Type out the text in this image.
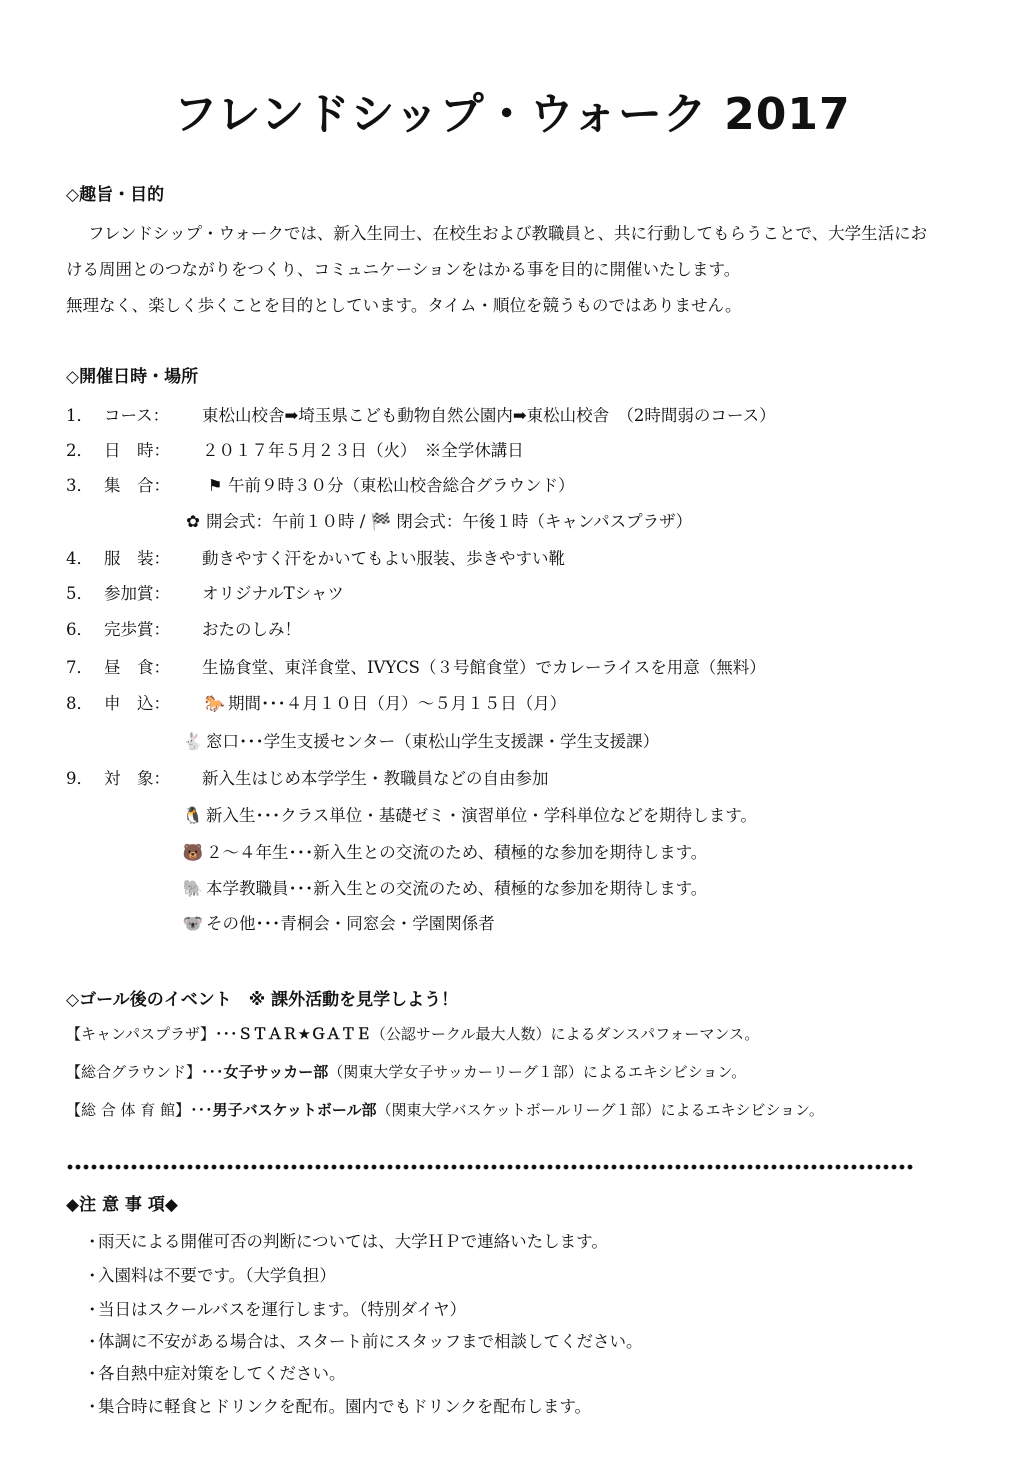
フレンドシップ・ウォーク 2017
◇趣旨・目的
フレンドシップ・ウォークでは、新入生同士、在校生および教職員と、共に行動してもらうことで、大学生活にお
ける周囲とのつながりをつくり、コミュニケーションをはかる事を目的に開催いたします。
無理なく、楽しく歩くことを目的としています。タイム・順位を競うものではありません。
◇開催日時・場所
1． コース： 東松山校舎➡埼玉県こども動物自然公園内➡東松山校舎　（2時間弱のコース）
2． 日　時： ２０１７年５月２３日（火）　※全学休講日
3． 集　合： ⚑ 午前９時３０分（東松山校舎総合グラウンド）
✿ 開会式：午前１０時 / 🏁 閉会式：午後１時（キャンパスプラザ）
4． 服　装： 動きやすく汗をかいてもよい服装、歩きやすい靴
5． 参加賞： オリジナルTシャツ
6． 完歩賞： おたのしみ！
7． 昼　食： 生協食堂、東洋食堂、IVYCS（３号館食堂）でカレーライスを用意（無料）
8． 申　込： 🐎 期間･･･４月１０日（月）～５月１５日（月）
🐇 窓口･･･学生支援センター（東松山学生支援課・学生支援課）
9． 対　象： 新入生はじめ本学学生・教職員などの自由参加
🐧 新入生･･･クラス単位・基礎ゼミ・演習単位・学科単位などを期待します。
🐻 ２～４年生･･･新入生との交流のため、積極的な参加を期待します。
🐘 本学教職員･･･新入生との交流のため、積極的な参加を期待します。
🐨 その他･･･青桐会・同窓会・学園関係者
◇ゴール後のイベント　※ 課外活動を見学しよう！
【キャンパスプラザ】･･･ＳＴＡＲ★ＧＡＴＥ（公認サークル最大人数）によるダンスパフォーマンス。
【総合グラウンド】･･･女子サッカー部（関東大学女子サッカーリーグ１部）によるエキシビション。
【総 合 体 育 館】･･･男子バスケットボール部（関東大学バスケットボールリーグ１部）によるエキシビション。
◆注 意 事 項◆
・雨天による開催可否の判断については、大学ＨＰで連絡いたします。
・入園料は不要です。（大学負担）
・当日はスクールバスを運行します。（特別ダイヤ）
・体調に不安がある場合は、スタート前にスタッフまで相談してください。
・各自熱中症対策をしてください。
・集合時に軽食とドリンクを配布。園内でもドリンクを配布します。
